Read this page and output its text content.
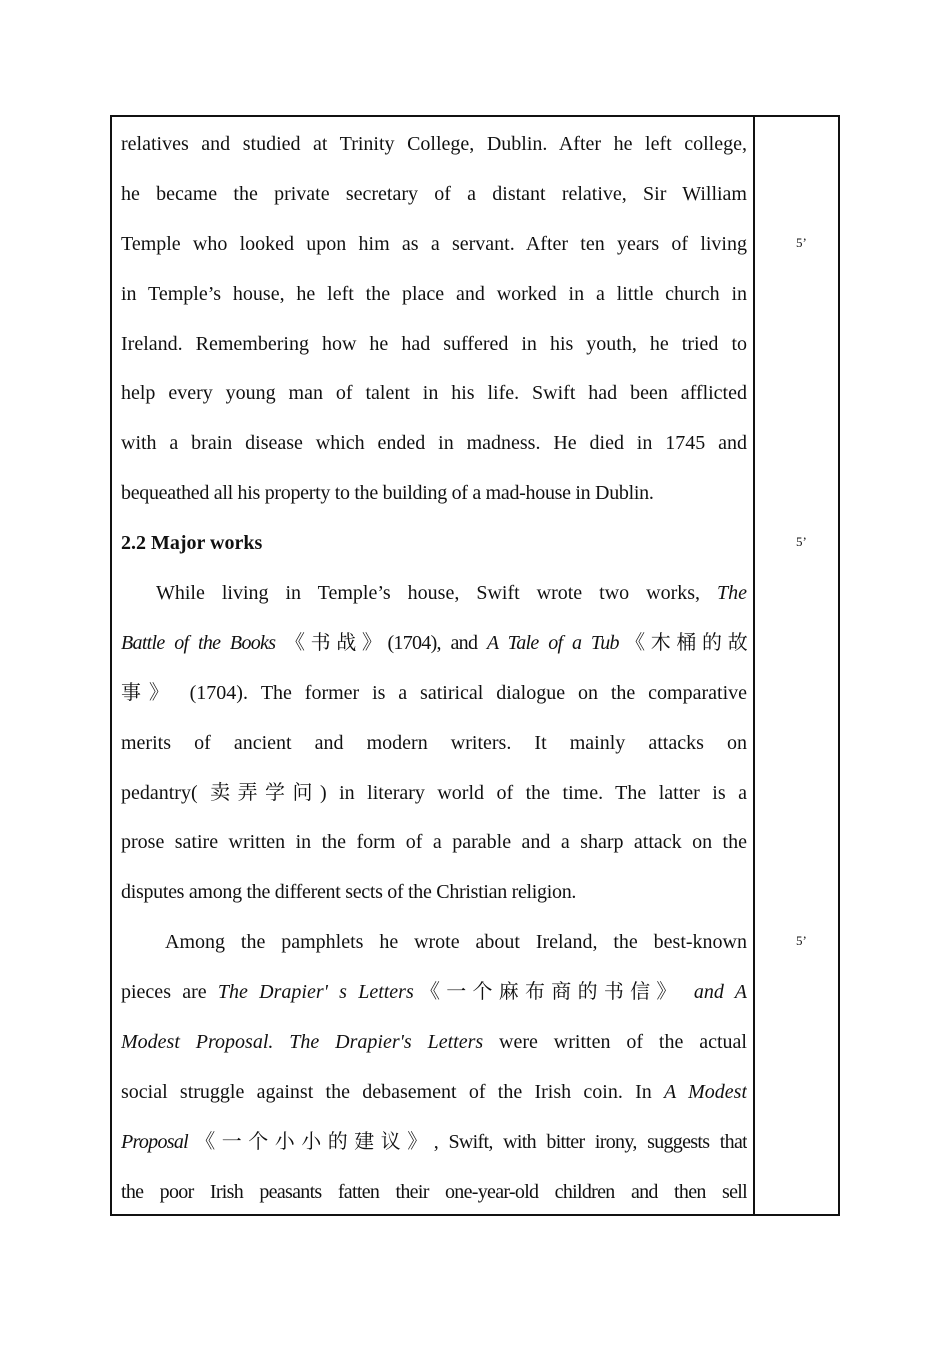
relatives and studied at Trinity College, Dublin. After he left college,
he became the private secretary of a distant relative, Sir William
Temple who looked upon him as a servant. After ten years of living
in Temple’s house, he left the place and worked in a little church in
Ireland. Remembering how he had suffered in his youth, he tried to
help every young man of talent in his life. Swift had been afflicted
with a brain disease which ended in madness. He died in 1745 and
bequeathed all his property to the building of a mad-house in Dublin.
2.2 Major works
While living in Temple’s house, Swift wrote two works, The
Battle of the Books 《书战》(1704), and A Tale of a Tub《木桶的故
事》 (1704). The former is a satirical dialogue on the comparative
merits of ancient and modern writers. It mainly attacks on
pedantry( 卖弄学问) in literary world of the time. The latter is a
prose satire written in the form of a parable and a sharp attack on the
disputes among the different sects of the Christian religion.
Among the pamphlets he wrote about Ireland, the best-known
pieces are The Drapier' s Letters《一个麻布商的书信》 and A
Modest Proposal. The Drapier's Letters were written of the actual
social struggle against the debasement of the Irish coin. In A Modest
Proposal《一个小小的建议》, Swift, with bitter irony, suggests that
the poor Irish peasants fatten their one-year-old children and then sell
5’
5’
5’
